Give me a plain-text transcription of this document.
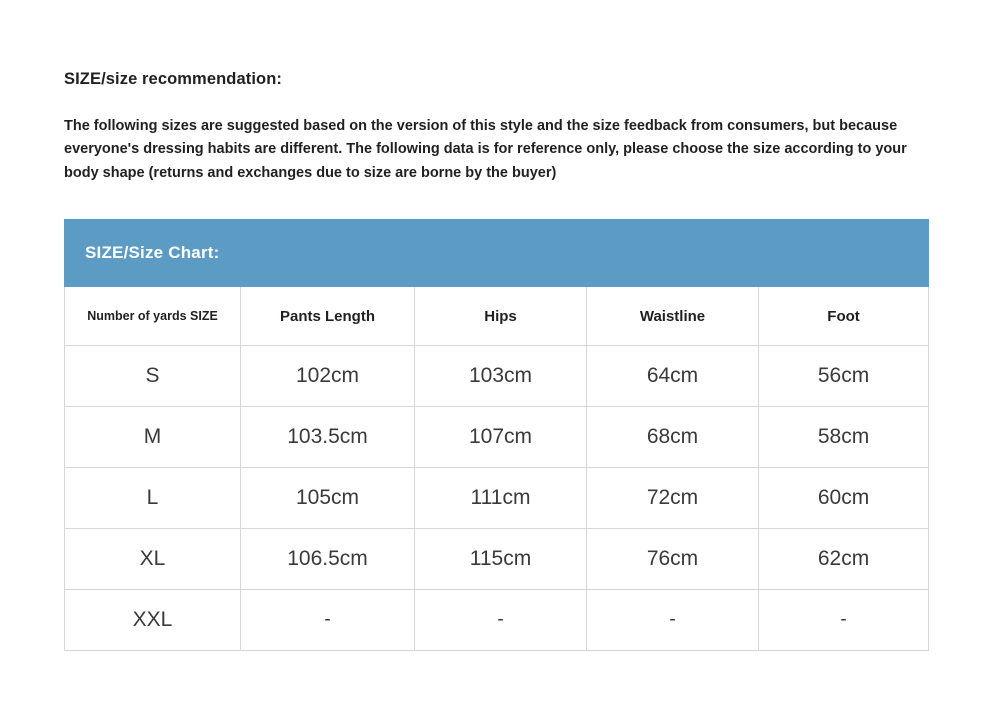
SIZE/size recommendation:
The following sizes are suggested based on the version of this style and the size feedback from consumers, but because everyone's dressing habits are different. The following data is for reference only, please choose the size according to your body shape (returns and exchanges due to size are borne by the buyer)
SIZE/Size Chart:				
Number of yards SIZE	Pants Length	Hips	Waistline	Foot
S	102cm	103cm	64cm	56cm
M	103.5cm	107cm	68cm	58cm
L	105cm	111cm	72cm	60cm
XL	106.5cm	115cm	76cm	62cm
XXL	-	-	-	-
